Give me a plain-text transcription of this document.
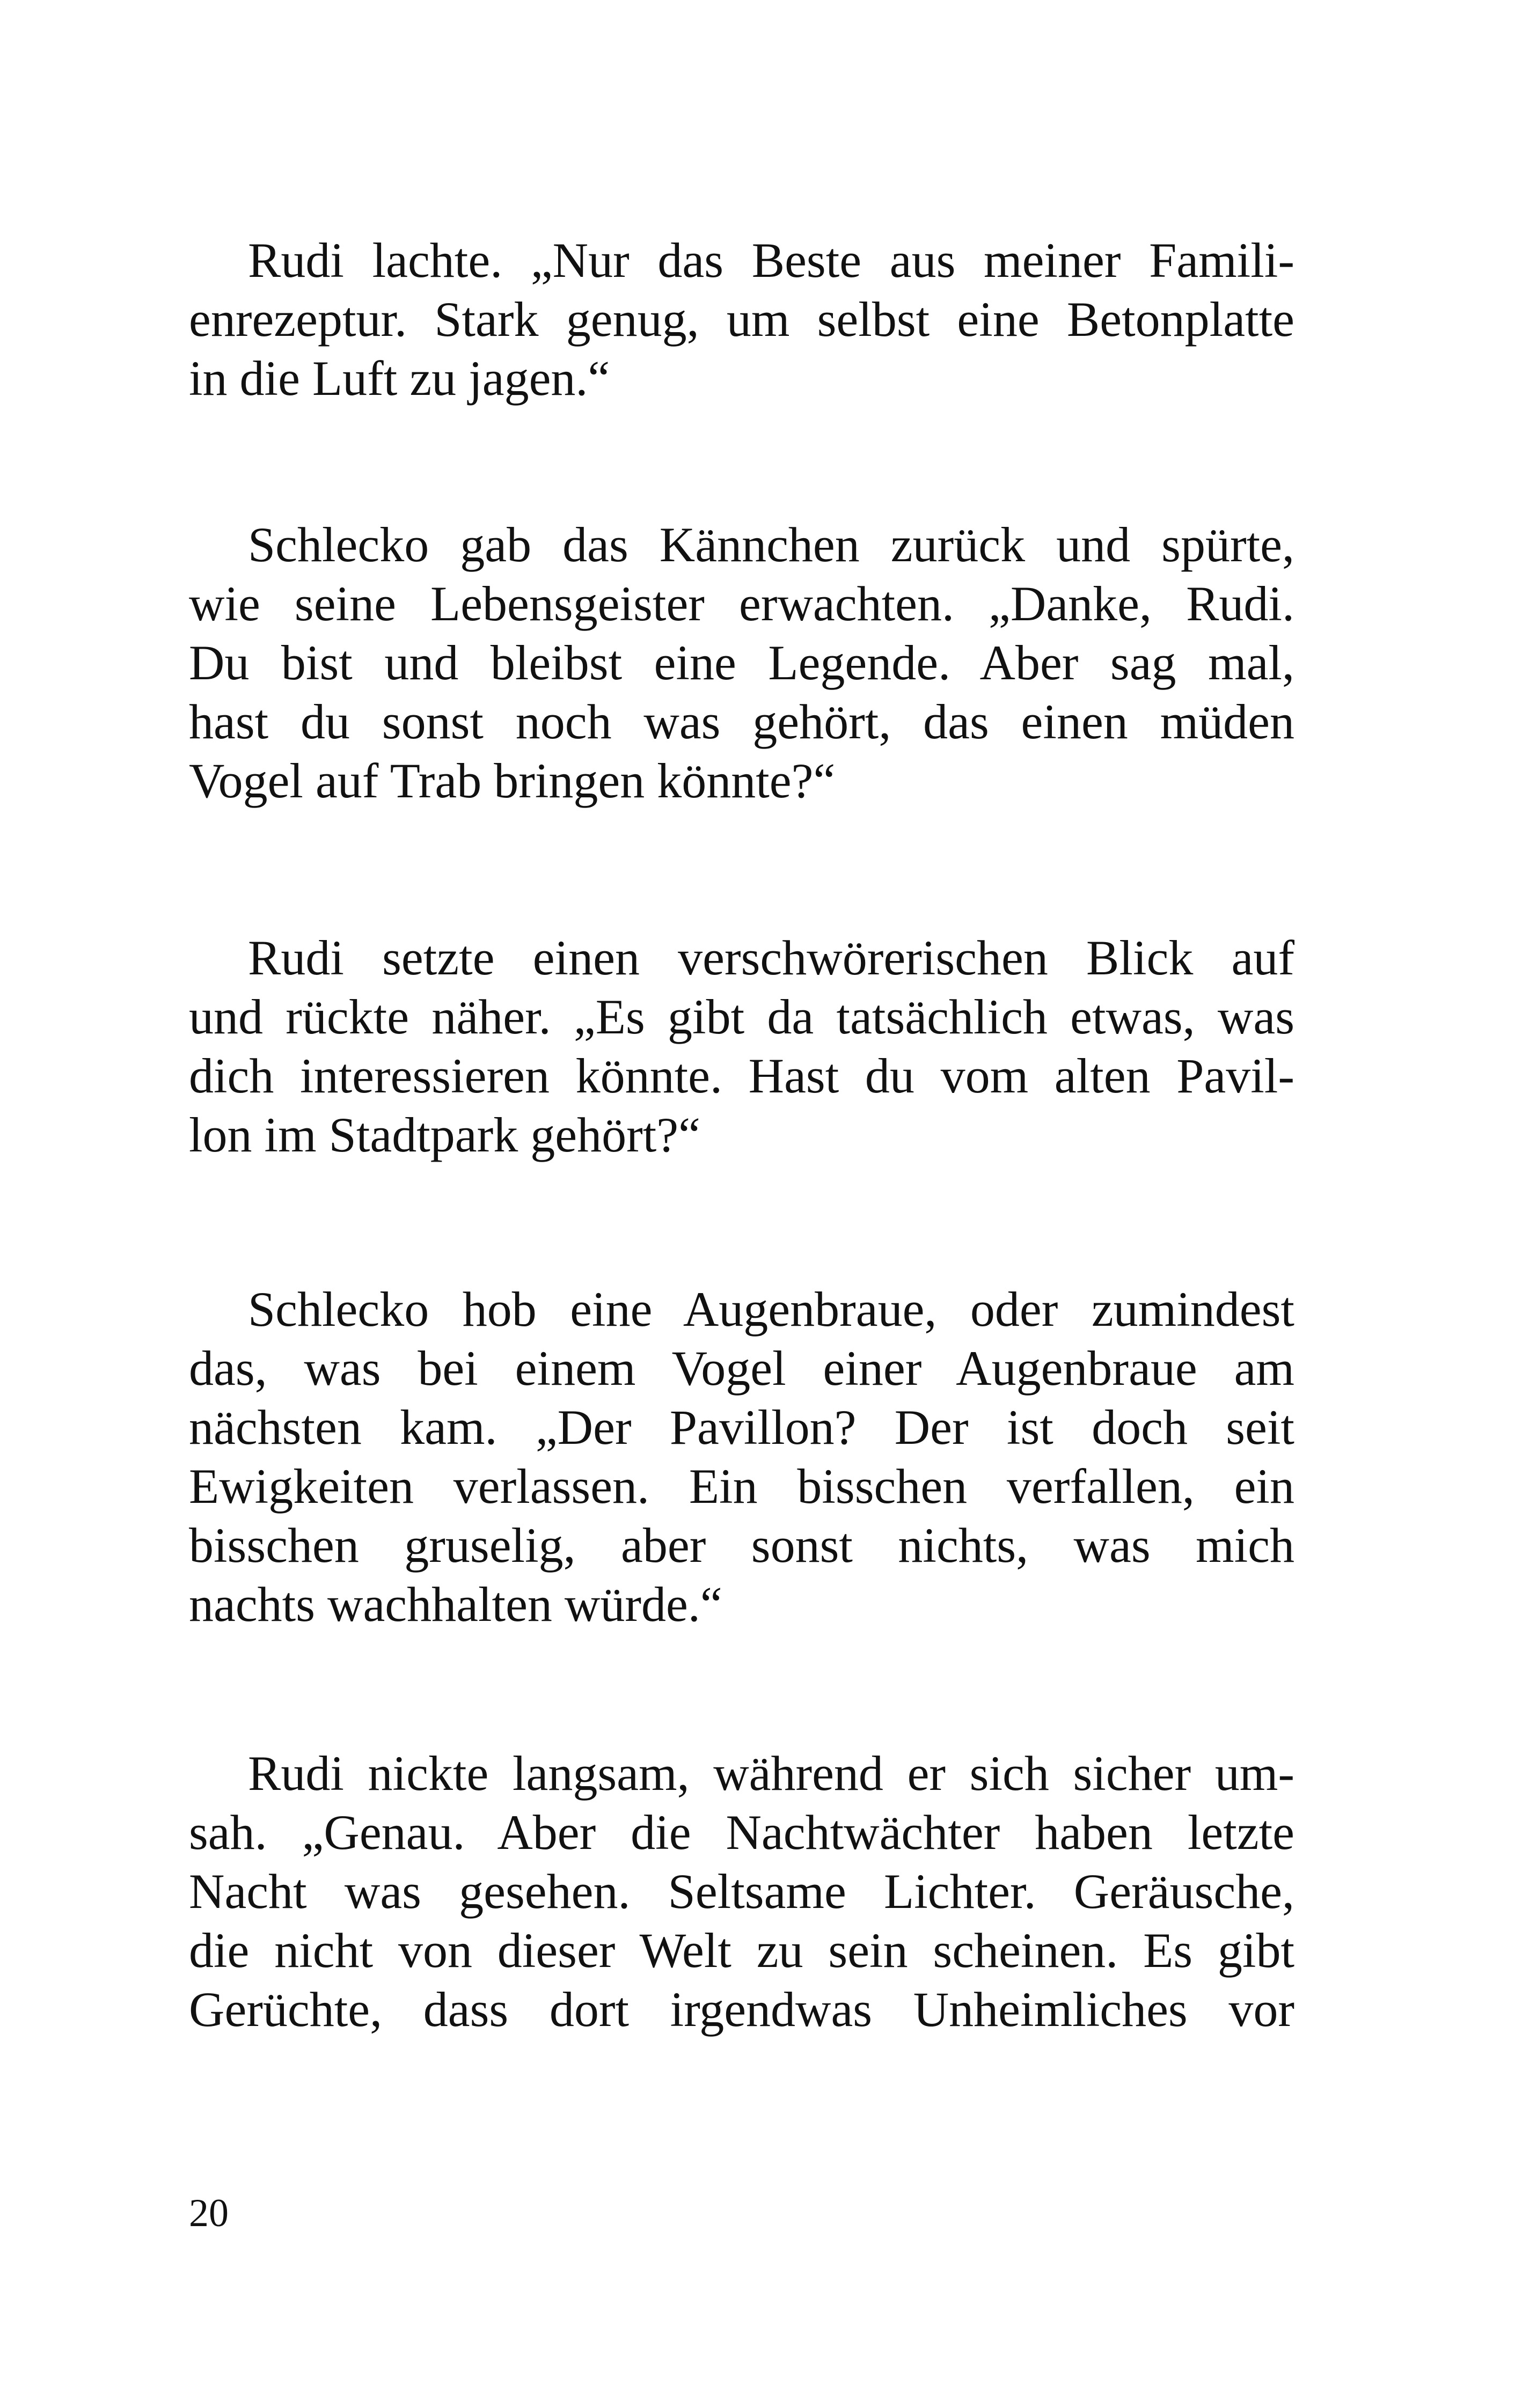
Rudi lachte. „Nur das Beste aus meiner Famili-
enrezeptur. Stark genug, um selbst eine Betonplatte
in die Luft zu jagen.“
Schlecko gab das Kännchen zurück und spürte,
wie seine Lebensgeister erwachten. „Danke, Rudi.
Du bist und bleibst eine Legende. Aber sag mal,
hast du sonst noch was gehört, das einen müden
Vogel auf Trab bringen könnte?“
Rudi setzte einen verschwörerischen Blick auf
und rückte näher. „Es gibt da tatsächlich etwas, was
dich interessieren könnte. Hast du vom alten Pavil-
lon im Stadtpark gehört?“
Schlecko hob eine Augenbraue, oder zumindest
das, was bei einem Vogel einer Augenbraue am
nächsten kam. „Der Pavillon? Der ist doch seit
Ewigkeiten verlassen. Ein bisschen verfallen, ein
bisschen gruselig, aber sonst nichts, was mich
nachts wachhalten würde.“
Rudi nickte langsam, während er sich sicher um-
sah. „Genau. Aber die Nachtwächter haben letzte
Nacht was gesehen. Seltsame Lichter. Geräusche,
die nicht von dieser Welt zu sein scheinen. Es gibt
Gerüchte, dass dort irgendwas Unheimliches vor
20
